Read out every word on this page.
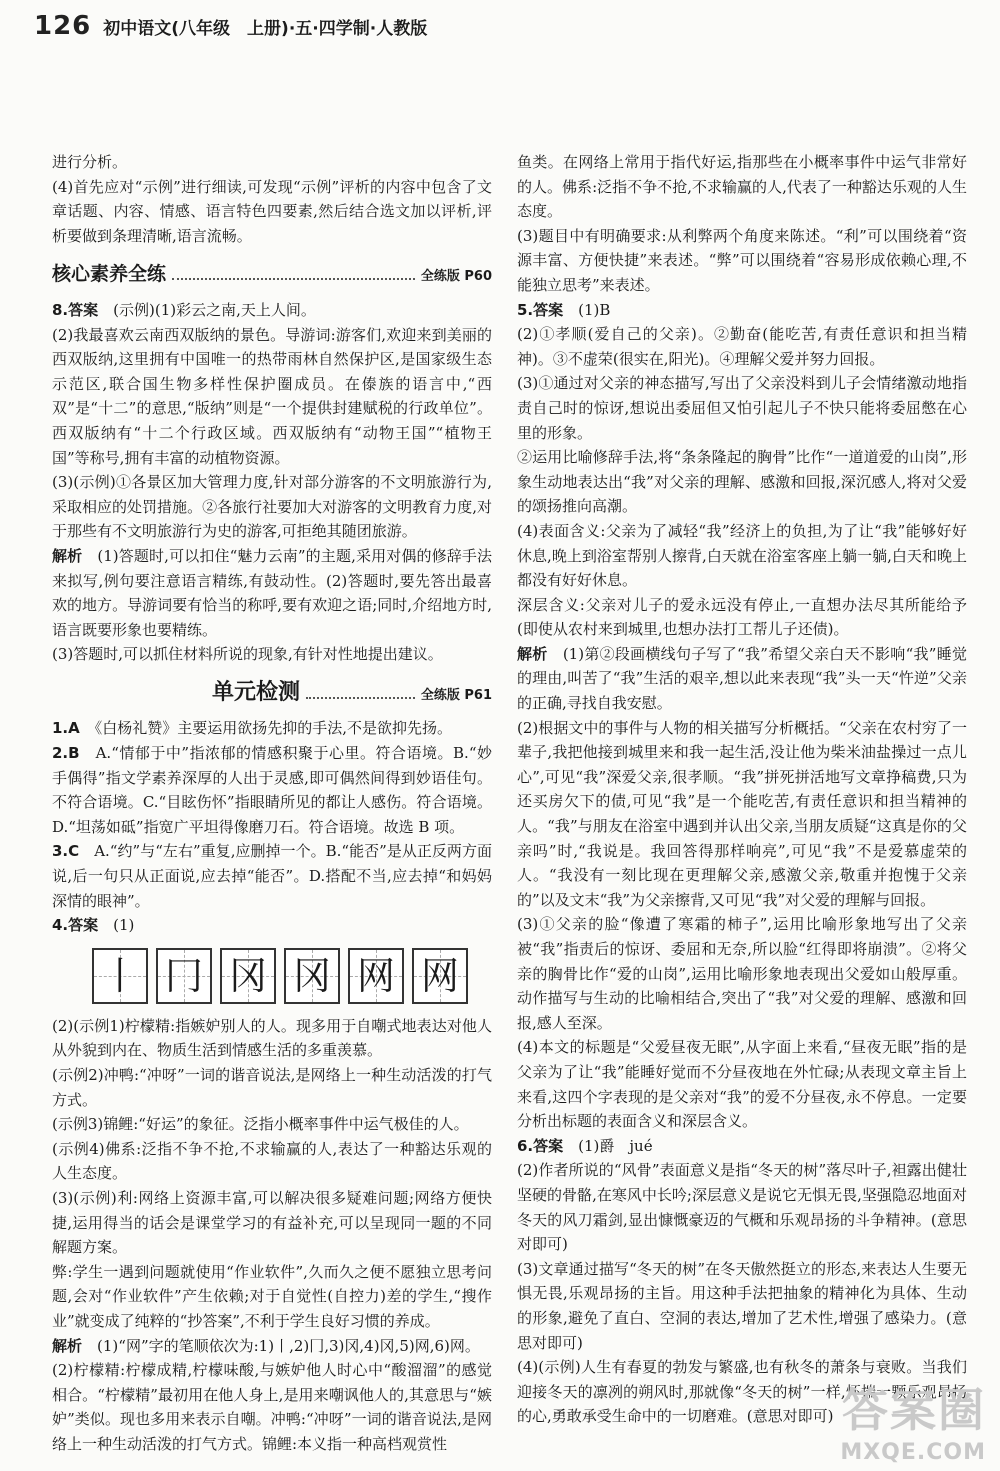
126 初中语文(八年级　上册)·五·四学制·人教版

进行分析。

(4)首先应对“示例”进行细读,可发现“示例”评析的内容中包含了文章话题、内容、情感、语言特色四要素,然后结合选文加以评析,评析要做到条理清晰,语言流畅。

核心素养全练	全练版 P60

8.答案　 (示例)(1)彩云之南,天上人间。

(2)我最喜欢云南西双版纳的景色。导游词:游客们,欢迎来到美丽的西双版纳,这里拥有中国唯一的热带雨林自然保护区,是国家级生态示范区,联合国生物多样性保护圈成员。在傣族的语言中,“西双”是“十二”的意思,“版纳”则是“一个提供封建赋税的行政单位”。西双版纳有“十二个行政区域。西双版纳有“动物王国”“植物王国”等称号,拥有丰富的动植物资源。

(3)(示例)①各景区加大管理力度,针对部分游客的不文明旅游行为,采取相应的处罚措施。②各旅行社要加大对游客的文明教育力度,对于那些有不文明旅游行为史的游客,可拒绝其随团旅游。

解析　 (1)答题时,可以扣住“魅力云南”的主题,采用对偶的修辞手法来拟写,例句要注意语言精练,有鼓动性。(2)答题时,要先答出最喜欢的地方。导游词要有恰当的称呼,要有欢迎之语;同时,介绍地方时,语言既要形象也要精练。

(3)答题时,可以抓住材料所说的现象,有针对性地提出建议。

单元检测	全练版 P61

1.A　 《白杨礼赞》主要运用欲扬先抑的手法,不是欲抑先扬。

2.B　 A.“情郁于中”指浓郁的情感积聚于心里。符合语境。B.“妙手偶得”指文学素养深厚的人出于灵感,即可偶然间得到妙语佳句。不符合语境。C.“目眩伤怀”指眼睛所见的都让人感伤。符合语境。D.“坦荡如砥”指宽广平坦得像磨刀石。符合语境。故选 B 项。

3.C　 A.“约”与“左右”重复,应删掉一个。B.“能否”是从正反两方面说,后一句只从正面说,应去掉“能否”。D.搭配不当,应去掉“和妈妈深情的眼神”。

4.答案　 (1)

丨 冂 冈 冈 网 网

(2)(示例1)柠檬精:指嫉妒别人的人。现多用于自嘲式地表达对他人从外貌到内在、物质生活到情感生活的多重羡慕。

(示例2)冲鸭:“冲呀”一词的谐音说法,是网络上一种生动活泼的打气方式。

(示例3)锦鲤:“好运”的象征。泛指小概率事件中运气极佳的人。

(示例4)佛系:泛指不争不抢,不求输赢的人,表达了一种豁达乐观的人生态度。

(3)(示例)利:网络上资源丰富,可以解决很多疑难问题;网络方便快捷,运用得当的话会是课堂学习的有益补充,可以呈现同一题的不同解题方案。

弊:学生一遇到问题就使用“作业软件”,久而久之便不愿独立思考问题,会对“作业软件”产生依赖;对于自觉性(自控力)差的学生,“搜作业”就变成了纯粹的“抄答案”,不利于学生良好习惯的养成。

解析　 (1)“网”字的笔顺依次为:1)丨,2)冂,3)冈,4)冈,5)网,6)网。

(2)柠檬精:柠檬成精,柠檬味酸,与嫉妒他人时心中“酸溜溜”的感觉相合。“柠檬精”最初用在他人身上,是用来嘲讽他人的,其意思与“嫉妒”类似。现也多用来表示自嘲。冲鸭:“冲呀”一词的谐音说法,是网络上一种生动活泼的打气方式。锦鲤:本义指一种高档观赏性

鱼类。在网络上常用于指代好运,指那些在小概率事件中运气非常好的人。佛系:泛指不争不抢,不求输赢的人,代表了一种豁达乐观的人生态度。

(3)题目中有明确要求:从利弊两个角度来陈述。“利”可以围绕着“资源丰富、方便快捷”来表述。“弊”可以围绕着“容易形成依赖心理,不能独立思考”来表述。

5.答案　 (1)B

(2)①孝顺(爱自己的父亲)。②勤奋(能吃苦,有责任意识和担当精神)。③不虚荣(很实在,阳光)。④理解父爱并努力回报。

(3)①通过对父亲的神态描写,写出了父亲没料到儿子会情绪激动地指责自己时的惊讶,想说出委屈但又怕引起儿子不快只能将委屈憋在心里的形象。

②运用比喻修辞手法,将“条条隆起的胸骨”比作“一道道爱的山岗”,形象生动地表达出“我”对父亲的理解、感激和回报,深沉感人,将对父爱的颂扬推向高潮。

(4)表面含义:父亲为了减轻“我”经济上的负担,为了让“我”能够好好休息,晚上到浴室帮别人擦背,白天就在浴室客座上躺一躺,白天和晚上都没有好好休息。

深层含义:父亲对儿子的爱永远没有停止,一直想办法尽其所能给予(即使从农村来到城里,也想办法打工帮儿子还债)。

解析　 (1)第②段画横线句子写了“我”希望父亲白天不影响“我”睡觉的理由,叫苦了“我”生活的艰辛,想以此来表现“我”头一天“忤逆”父亲的正确,寻找自我安慰。

(2)根据文中的事件与人物的相关描写分析概括。“父亲在农村穷了一辈子,我把他接到城里来和我一起生活,没让他为柴米油盐操过一点儿心”,可见“我”深爱父亲,很孝顺。“我”拼死拼活地写文章挣稿费,只为还买房欠下的债,可见“我”是一个能吃苦,有责任意识和担当精神的人。“我”与朋友在浴室中遇到并认出父亲,当朋友质疑“这真是你的父亲吗”时,“我说是。我回答得那样响亮”,可见“我”不是爱慕虚荣的人。“我没有一刻比现在更理解父亲,感激父亲,敬重并抱愧于父亲的”以及文末“我”为父亲擦背,又可见“我”对父爱的理解与回报。

(3)①父亲的脸“像遭了寒霜的柿子”,运用比喻形象地写出了父亲被“我”指责后的惊讶、委屈和无奈,所以脸“红得即将崩溃”。②将父亲的胸骨比作“爱的山岗”,运用比喻形象地表现出父爱如山般厚重。动作描写与生动的比喻相结合,突出了“我”对父爱的理解、感激和回报,感人至深。

(4)本文的标题是“父爱昼夜无眠”,从字面上来看,“昼夜无眠”指的是父亲为了让“我”能睡好觉而不分昼夜地在外忙碌;从表现文章主旨上来看,这四个字表现的是父亲对“我”的爱不分昼夜,永不停息。一定要分析出标题的表面含义和深层含义。

6.答案　 (1)爵　jué

(2)作者所说的“风骨”表面意义是指“冬天的树”落尽叶子,袒露出健壮坚硬的骨骼,在寒风中长吟;深层意义是说它无惧无畏,坚强隐忍地面对冬天的风刀霜剑,显出慷慨豪迈的气概和乐观昂扬的斗争精神。(意思对即可)

(3)文章通过描写“冬天的树”在冬天傲然挺立的形态,来表达人生要无惧无畏,乐观昂扬的主旨。用这种手法把抽象的精神化为具体、生动的形象,避免了直白、空洞的表达,增加了艺术性,增强了感染力。(意思对即可)

(4)(示例)人生有春夏的勃发与繁盛,也有秋冬的萧条与衰败。当我们迎接冬天的凛冽的朔风时,那就像“冬天的树”一样,怀揣一颗乐观昂扬的心,勇敢承受生命中的一切磨难。(意思对即可) 答案圈
MXQE.COM
